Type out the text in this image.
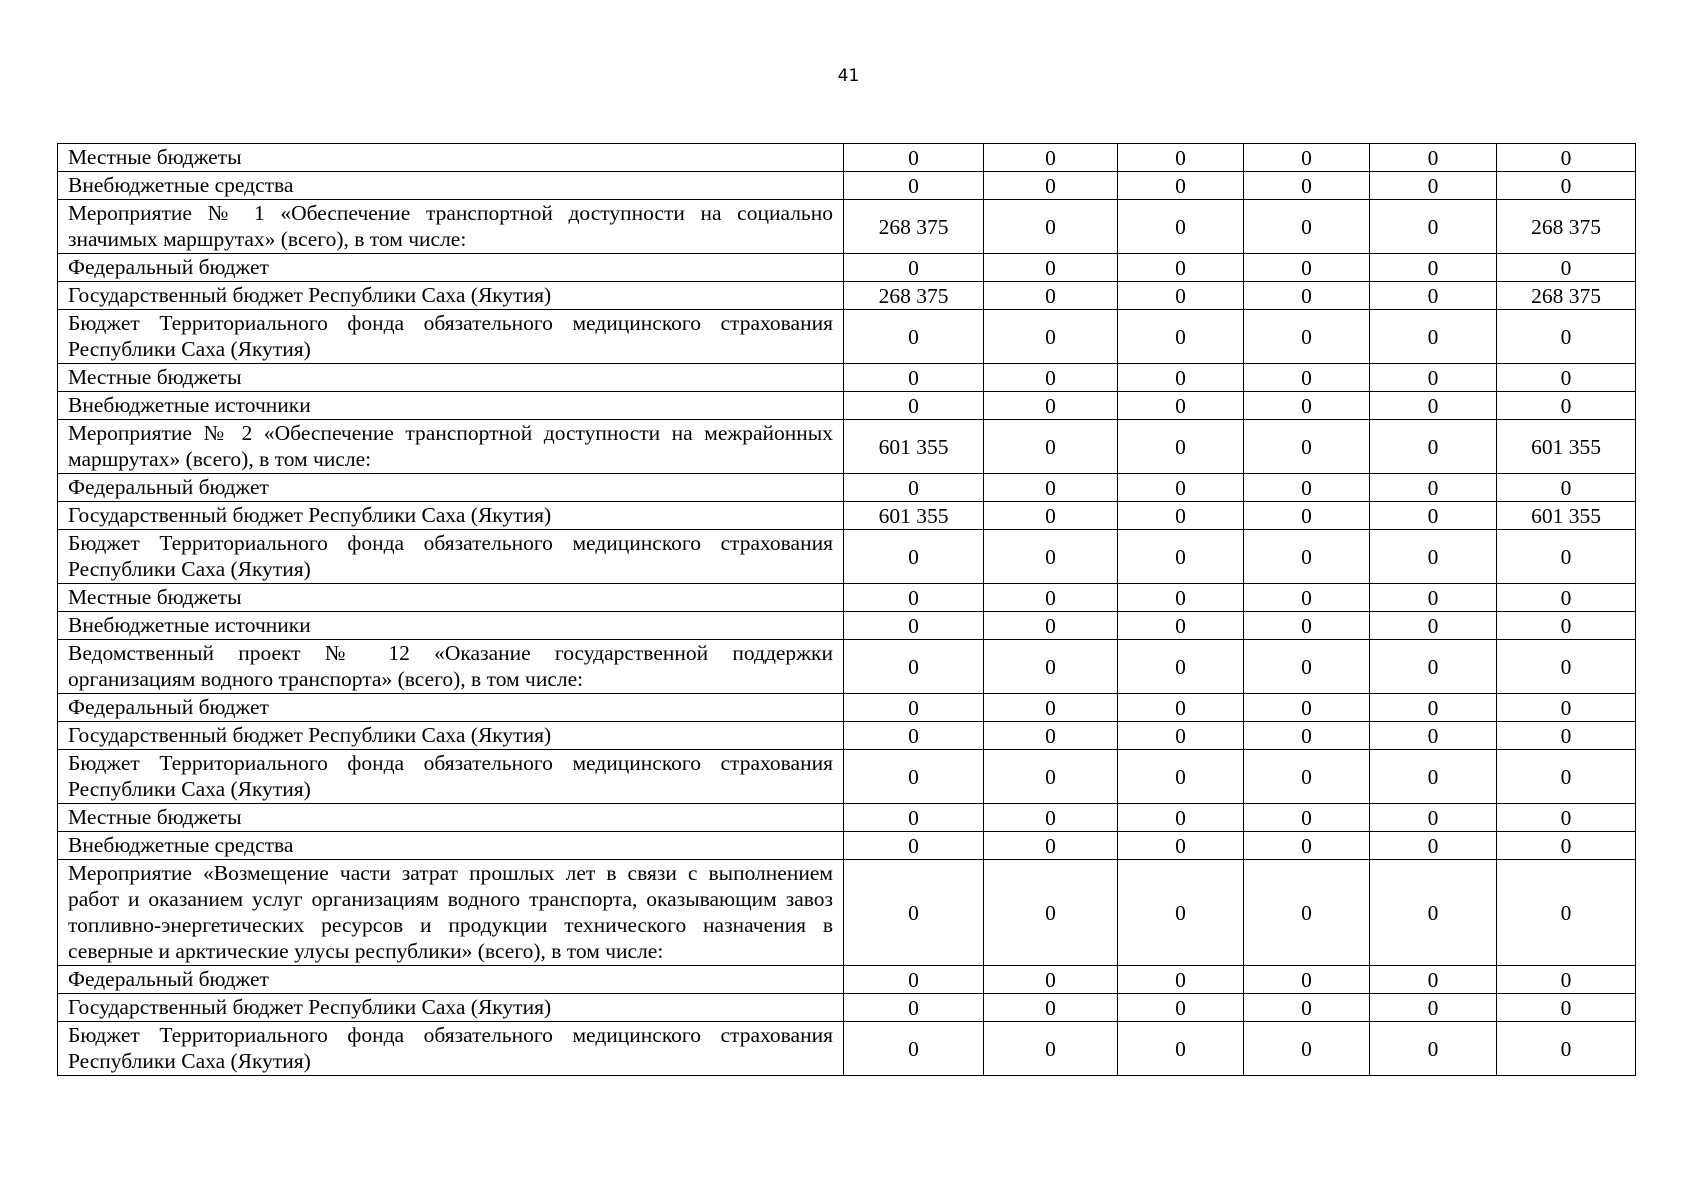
41
Местные бюджеты	0	0	0	0	0	0

Внебюджетные средства	0	0	0	0	0	0

Мероприятие № 1 «Обеспечение транспортной доступности на социально значимых маршрутах» (всего), в том числе:	268 375	0	0	0	0	268 375

Федеральный бюджет	0	0	0	0	0	0

Государственный бюджет Республики Саха (Якутия)	268 375	0	0	0	0	268 375

Бюджет Территориального фонда обязательного медицинского страхования Республики Саха (Якутия)	0	0	0	0	0	0

Местные бюджеты	0	0	0	0	0	0

Внебюджетные источники	0	0	0	0	0	0

Мероприятие № 2 «Обеспечение транспортной доступности на межрайонных маршрутах» (всего), в том числе:	601 355	0	0	0	0	601 355

Федеральный бюджет	0	0	0	0	0	0

Государственный бюджет Республики Саха (Якутия)	601 355	0	0	0	0	601 355

Бюджет Территориального фонда обязательного медицинского страхования Республики Саха (Якутия)	0	0	0	0	0	0

Местные бюджеты	0	0	0	0	0	0

Внебюджетные источники	0	0	0	0	0	0

Ведомственный проект № 12 «Оказание государственной поддержки организациям водного транспорта» (всего), в том числе:	0	0	0	0	0	0

Федеральный бюджет	0	0	0	0	0	0

Государственный бюджет Республики Саха (Якутия)	0	0	0	0	0	0

Бюджет Территориального фонда обязательного медицинского страхования Республики Саха (Якутия)	0	0	0	0	0	0

Местные бюджеты	0	0	0	0	0	0

Внебюджетные средства	0	0	0	0	0	0

Мероприятие «Возмещение части затрат прошлых лет в связи с выполнением работ и оказанием услуг организациям водного транспорта, оказывающим завоз топливно-энергетических ресурсов и продукции технического назначения в северные и арктические улусы республики» (всего), в том числе:	0	0	0	0	0	0

Федеральный бюджет	0	0	0	0	0	0

Государственный бюджет Республики Саха (Якутия)	0	0	0	0	0	0

Бюджет Территориального фонда обязательного медицинского страхования Республики Саха (Якутия)	0	0	0	0	0	0
